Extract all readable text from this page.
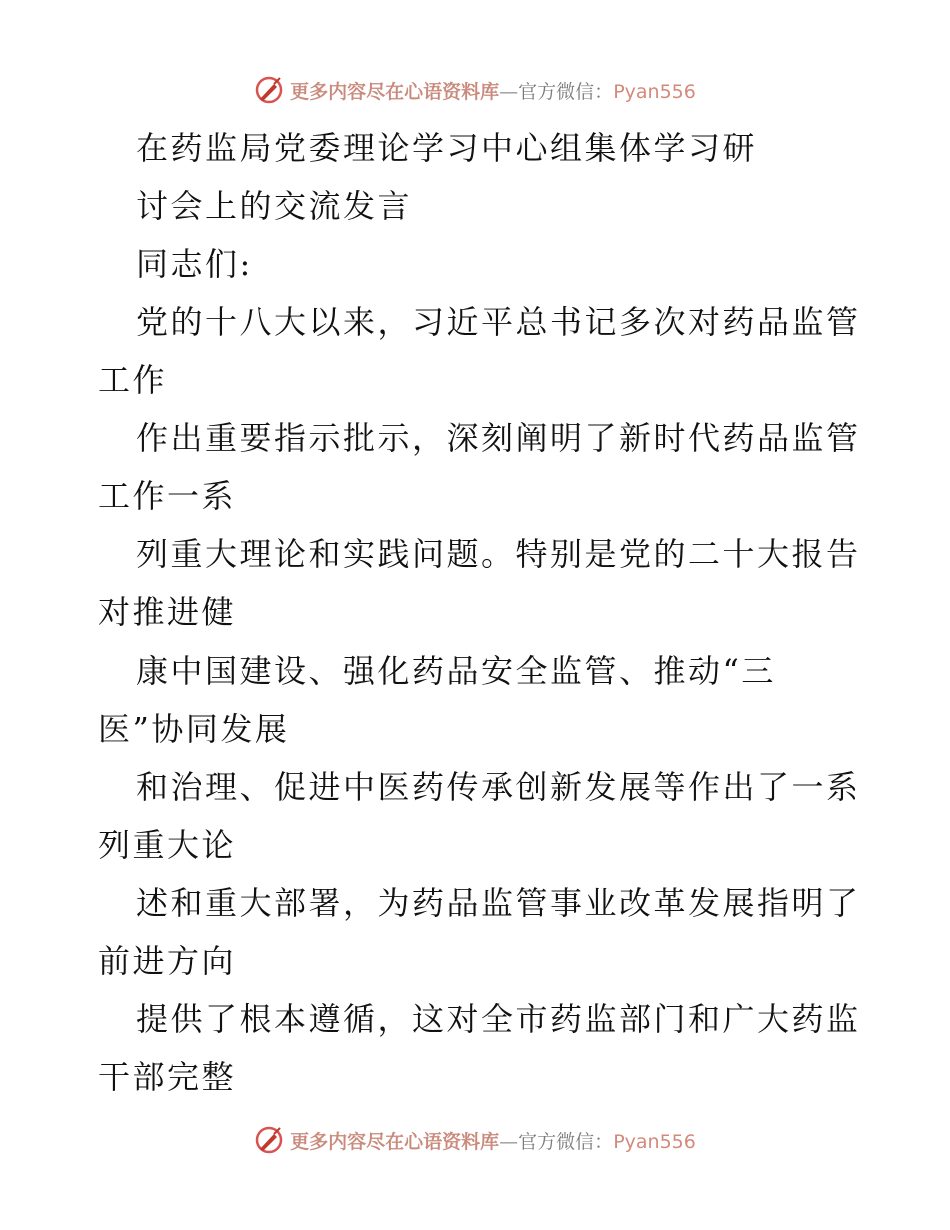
更多内容尽在心语资料库—官方微信：Pyan556
在药监局党委理论学习中心组集体学习研
讨会上的交流发言
同志们:
党的十八大以来，习近平总书记多次对药品监管
工作
作出重要指示批示，深刻阐明了新时代药品监管
工作一系
列重大理论和实践问题。特别是党的二十大报告
对推进健
康中国建设、强化药品安全监管、推动“三
医”协同发展
和治理、促进中医药传承创新发展等作出了一系
列重大论
述和重大部署，为药品监管事业改革发展指明了
前进方向
提供了根本遵循，这对全市药监部门和广大药监
干部完整
更多内容尽在心语资料库—官方微信：Pyan556
